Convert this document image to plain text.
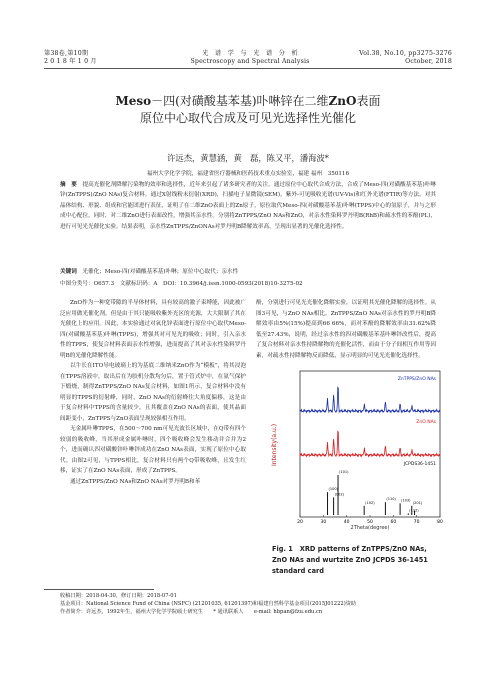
第38卷,第10期
2 0 1 8 年 1 0 月
光　谱　学　与　光　谱　分　析
Spectroscopy and Spectral Analysis
Vol.38, No.10, pp3275-3276
October, 2018
Meso－四(对磺酸基苯基)卟啉锌在二维ZnO表面
原位中心取代合成及可见光选择性光催化
许远杰，黄慧涵，黄　磊，陈又平，潘海波*
福州大学化学学院，福建省医疗器械和医药技术重点实验室，福建 福州　350116
摘　要　 提高光催化剂降解污染物的效率和选择性，近年来引起了诸多研究者的关注。通过原位中心取代合成方法，合成了Meso-四(对磺酸基苯基)卟啉锌(ZnTPPS)/ZnO NAs)复合材料。通过X射线粉末衍射(XRD)，扫描电子显微镜(SEM)，紫外-可见吸收光谱(UV-Vis)和红外光谱(FTIR)等方法，对其晶体结构、形貌、组成和官能团进行表征，证明了在二维ZnO表面上的Zn原子，原位取代Meso-四(对磺酸基苯基)卟啉(TPPS)中心的氢原子，并与之形成中心配位。同时，对二维ZnO进行表面改性，增强其亲水性。分别将ZnTPPS/ZnO NAs和ZnO，对亲水性染料罗丹明B(RhB)和疏水性的苯酚(PL)，进行可见光光催化实验。结果表明，亲水性ZnTPPS/ZnONAs对罗丹明B降解效率高，呈现出显著的光催化选择性。
关键词　 光催化；Meso-四(对磺酸基苯基)卟啉；原位中心取代；亲水性
中图分类号：O657.3　 文献标识码：A　 DOI：10.3964/j.issn.1000-0593(2018)10-3275-02

ZnO作为一种宽带隙的半导体材料，具有较高的激子束缚能，因此被广泛应用做光催化剂。但是由于其只能吸收紫外光区的光源，大大限制了其在光催化上的应用。因此，本实验通过对氧化锌表面进行原位中心取代Meso-四(对磺酸基苯基)卟啉(TPPS)，增强其对可见光的吸收；同时，引入亲水性的TPPS，使复合材料表面亲水性增强，进而提高了其对亲水性染料罗丹明B的光催化降解性能。

以牛长在ITO导电玻璃上的为基底二维纳米ZnO作为“模板”，将其浸泡在TPPS溶液中，取出后在为胶机分散均匀后，置于管式炉中，在氨气保护下煅烧，制得ZnTPPS/ZnO NAs复合材料，如图1所示，复合材料中没有明显的TPPS的衍射峰，同时，ZnO NAs的衍射峰往大角度偏移，这是由于复合材料中TPPS的含量较少，且其覆盖在ZnO NAs的表面，使其晶面间距变小，ZnTPPS与ZnO表面呈现较强相互作用。

无金属卟啉TPPS，在500～700 nm可见光波长区域中，在Q带有四个较弱的吸收峰，当其形成金属卟啉时，四个吸收峰会发生移动并合并为2个，进而确认四对磺酸锌卟啉锌成功在ZnO NAs表面，实现了原位中心取代。由图2可见，与TPPS相比，复合材料只有两个Q带吸收峰，且发生红移，证实了在ZnO NAs表面，形成了ZnTPPS。

通过ZnTPPS/ZnO NAs和ZnO NAs对罗丹明B和苯

酚，分别进行可见光光催化降解实验，以证明其光催化降解的选择性。从图3可见，与ZnO NAs相比，ZnTPPS/ZnO NAs对亲水性的罗丹明B降解效率由5%(15%)提高到66 66%，而对苯酚的降解效率由31.62%降低至27.43%，说明，经过亲水性的四对磺酸基苯基卟啉锌改性后，提高了复合材料对亲水性持降解物的光催化活性，而由于分子间相互作用等因素，对疏水性持降解物反而降低，显示明显的可见光光催化选择性。

Intensity(a.u.)
2Theta(degree)
20	30	40	50	60	70	80
(100)
(002)
(101)
(102)
(110) (103)
(112)
(201)
ZnTPPS/ZnO NAs
ZnO NAs
JCPDS36-1451
Fig. 1 XRD patterns of ZnTPPS/ZnO NAs, ZnO NAs and wurtzite ZnO JCPDS 36-1451 standard card
收稿日期：2018-04-30，修订日期：2018-07-01
基金项目：National Science Fund of China (NSFC) (21201035, 61201397)和福建自然科学基金项目(2015J01222)资助
作者简介：许远杰，1992年生，福州大学化学学院硕士研究生　　 * 通讯联系人　　e-mail: hbpan@fzu.edu.cn
